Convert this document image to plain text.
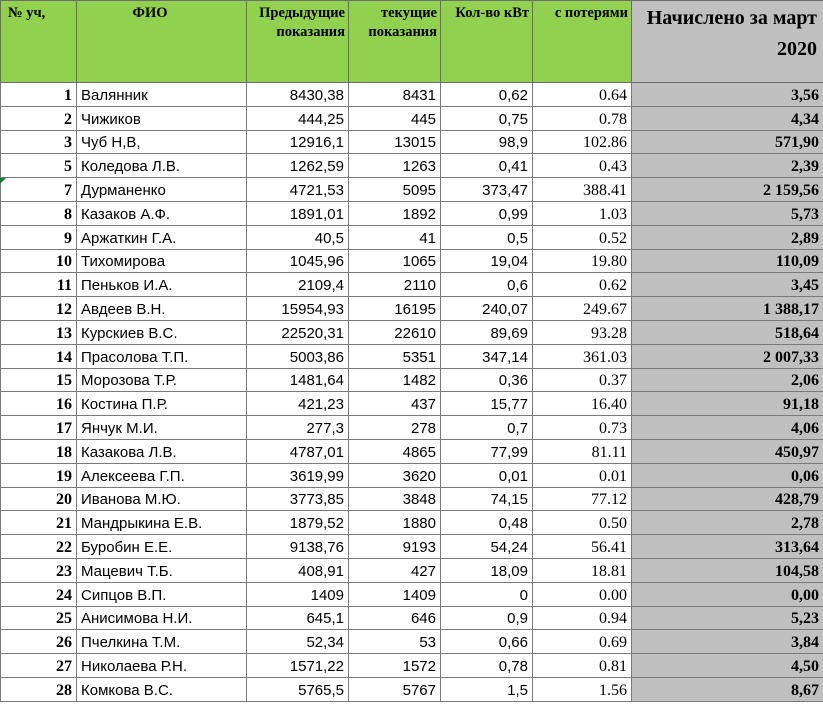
№ уч,	ФИО	Предыдущие показания	текущие показания	Кол-во кВт	с потерями	Начислено за март 2020
1	Валянник	8430,38	8431	0,62	0.64	3,56
2	Чижиков	444,25	445	0,75	0.78	4,34
3	Чуб Н,В,	12916,1	13015	98,9	102.86	571,90
5	Коледова Л.В.	1262,59	1263	0,41	0.43	2,39
7	Дурманенко	4721,53	5095	373,47	388.41	2 159,56
8	Казаков А.Ф.	1891,01	1892	0,99	1.03	5,73
9	Аржаткин Г.А.	40,5	41	0,5	0.52	2,89
10	Тихомирова	1045,96	1065	19,04	19.80	110,09
11	Пеньков И.А.	2109,4	2110	0,6	0.62	3,45
12	Авдеев В.Н.	15954,93	16195	240,07	249.67	1 388,17
13	Курскиев В.С.	22520,31	22610	89,69	93.28	518,64
14	Прасолова Т.П.	5003,86	5351	347,14	361.03	2 007,33
15	Морозова Т.Р.	1481,64	1482	0,36	0.37	2,06
16	Костина П.Р.	421,23	437	15,77	16.40	91,18
17	Янчук М.И.	277,3	278	0,7	0.73	4,06
18	Казакова Л.В.	4787,01	4865	77,99	81.11	450,97
19	Алексеева Г.П.	3619,99	3620	0,01	0.01	0,06
20	Иванова М.Ю.	3773,85	3848	74,15	77.12	428,79
21	Мандрыкина Е.В.	1879,52	1880	0,48	0.50	2,78
22	Буробин Е.Е.	9138,76	9193	54,24	56.41	313,64
23	Мацевич Т.Б.	408,91	427	18,09	18.81	104,58
24	Сипцов В.П.	1409	1409	0	0.00	0,00
25	Анисимова Н.И.	645,1	646	0,9	0.94	5,23
26	Пчелкина Т.М.	52,34	53	0,66	0.69	3,84
27	Николаева Р.Н.	1571,22	1572	0,78	0.81	4,50
28	Комкова В.С.	5765,5	5767	1,5	1.56	8,67
